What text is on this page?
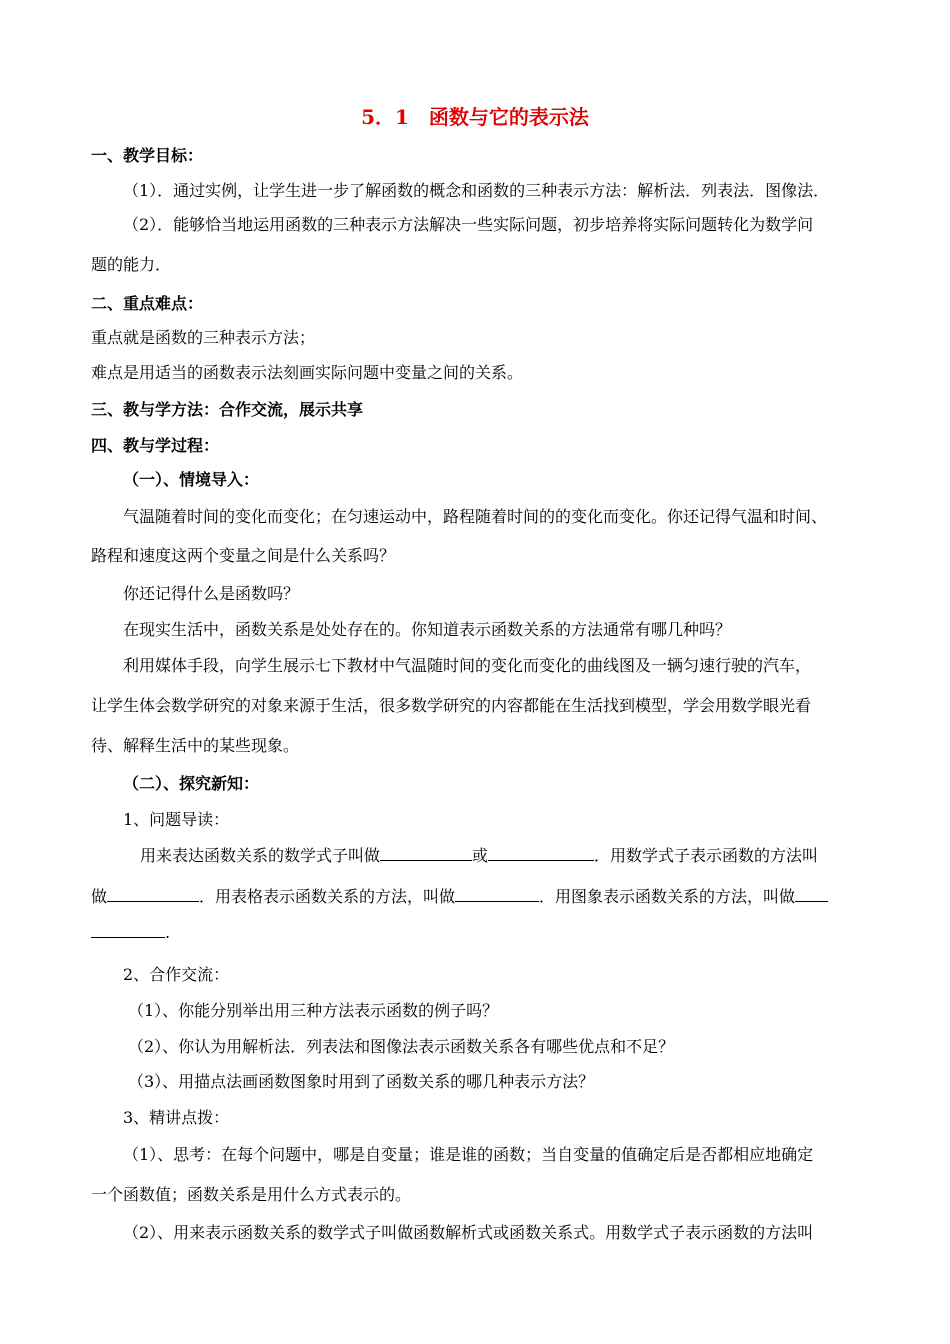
5．1　函数与它的表示法
一、教学目标：
（1）．通过实例，让学生进一步了解函数的概念和函数的三种表示方法：解析法．列表法．图像法．
（2）．能够恰当地运用函数的三种表示方法解决一些实际问题，初步培养将实际问题转化为数学问
题的能力．
二、重点难点：
重点就是函数的三种表示方法；
难点是用适当的函数表示法刻画实际问题中变量之间的关系。
三、教与学方法：合作交流，展示共享
四、教与学过程：
（一）、情境导入：
气温随着时间的变化而变化；在匀速运动中，路程随着时间的的变化而变化。你还记得气温和时间、
路程和速度这两个变量之间是什么关系吗？
你还记得什么是函数吗？
在现实生活中，函数关系是处处存在的。你知道表示函数关系的方法通常有哪几种吗？
利用媒体手段，向学生展示七下教材中气温随时间的变化而变化的曲线图及一辆匀速行驶的汽车，
让学生体会数学研究的对象来源于生活，很多数学研究的内容都能在生活找到模型，学会用数学眼光看
待、解释生活中的某些现象。
（二）、探究新知：
1、问题导读：
用来表达函数关系的数学式子叫做	或	．用数学式子表示函数的方法叫
做	．用表格表示函数关系的方法，叫做	．用图象表示函数关系的方法，叫做
.
2、合作交流：
（1）、你能分别举出用三种方法表示函数的例子吗？
（2）、你认为用解析法．列表法和图像法表示函数关系各有哪些优点和不足？
（3）、用描点法画函数图象时用到了函数关系的哪几种表示方法？
3、精讲点拨：
（1）、思考：在每个问题中，哪是自变量；谁是谁的函数；当自变量的值确定后是否都相应地确定
一个函数值；函数关系是用什么方式表示的。
（2）、用来表示函数关系的数学式子叫做函数解析式或函数关系式。用数学式子表示函数的方法叫
